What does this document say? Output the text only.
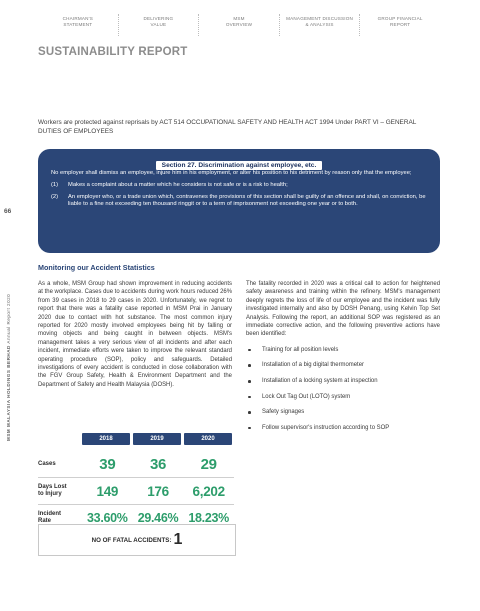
CHAIRMAN'S
STATEMENT
DELIVERING
VALUE
MSM
OVERVIEW
MANAGEMENT DISCUSSION
& ANALYSIS
GROUP FINANCIAL
REPORT
SUSTAINABILITY REPORT
Workers are protected against reprisals by ACT 514 OCCUPATIONAL SAFETY AND HEALTH ACT 1994 Under PART VI – GENERAL DUTIES OF EMPLOYEES
Section 27. Discrimination against employee, etc.

No employer shall dismiss an employee, injure him in his employment, or alter his position to his detriment by reason only that the employee;

(1)	Makes a complaint about a matter which he considers is not safe or is a risk to health;
(2)	An employer who, or a trade union which, contravenes the provisions of this section shall be guilty of an offence and shall, on conviction, be liable to a fine not exceeding ten thousand ringgit or to a term of imprisonment not exceeding one year or to both.
66
MSM MALAYSIA HOLDINGS BERHAD Annual Report 2020
Monitoring our Accident Statistics
As a whole, MSM Group had shown improvement in reducing accidents at the workplace. Cases due to accidents during work hours reduced 26% from 39 cases in 2018 to 29 cases in 2020. Unfortunately, we regret to report that there was a fatality case reported in MSM Prai in January 2020 due to contact with hot substance. The most common injury reported for 2020 mostly involved employees being hit by falling or moving objects and being caught in between objects. MSM's management takes a very serious view of all incidents and after each incident, immediate efforts were taken to improve the relevant standard operating procedure (SOP), policy and safeguards. Detailed investigations of every accident is conducted in close collaboration with the FGV Group Safety, Health & Environment Department and the Department of Safety and Health Malaysia (DOSH).

The fatality recorded in 2020 was a critical call to action for heightened safety awareness and training within the refinery. MSM's management deeply regrets the loss of life of our employee and the incident was fully investigated internally and also by DOSH Penang, using Kelvin Top Set Analysis. Following the report, an additional SOP was registered as an immediate corrective action, and the following preventive actions have been identified:

Training for all position levels
Installation of a big digital thermometer
Installation of a locking system at inspection
Lock Out Tag Out (LOTO) system
Safety signages
Follow supervisor's instruction according to SOP
2018	2019	2020
Cases	39	36	29
Days Lost
to Injury	149	176	6,202
Incident
Rate	33.60% 29.46% 18.23%
NO OF FATAL ACCIDENTS: 1
